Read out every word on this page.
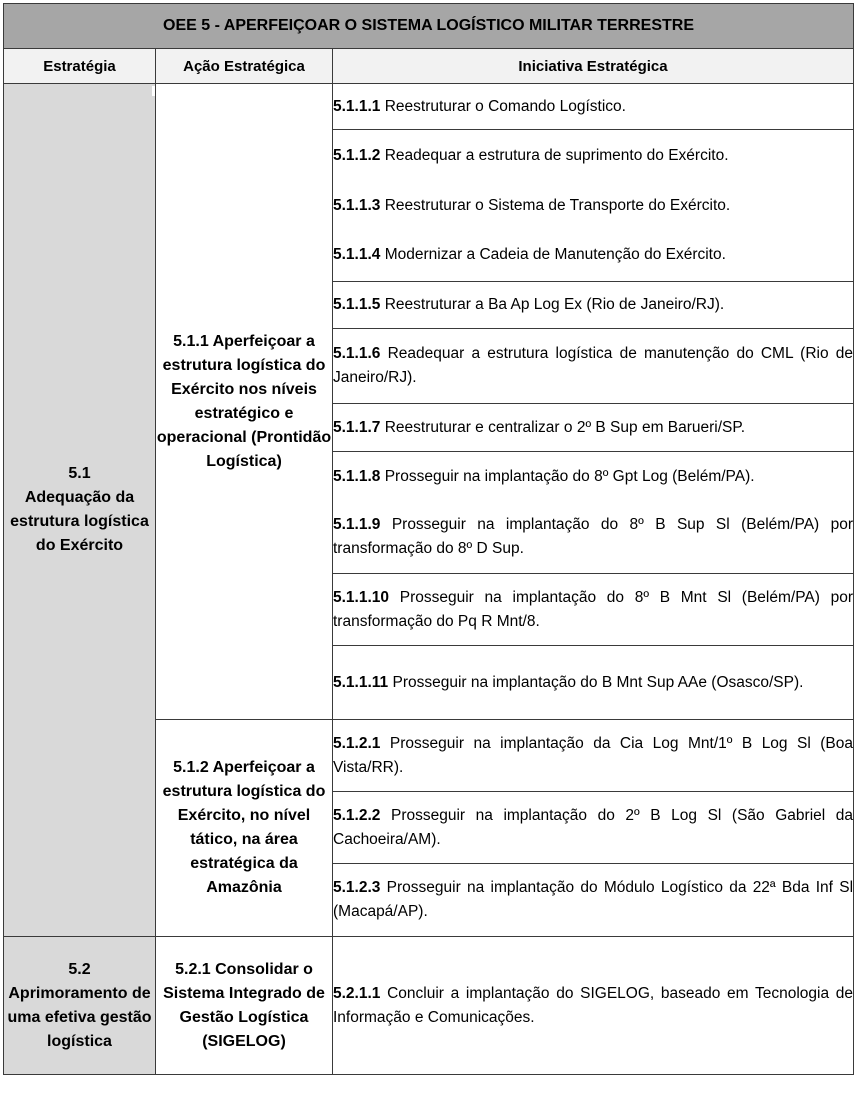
OEE 5 - APERFEIÇOAR O SISTEMA LOGÍSTICO MILITAR TERRESTRE		
Estratégia	Ação Estratégica	Iniciativa Estratégica

5.1
Adequação da estrutura logística do Exército	5.1.1 Aperfeiçoar a estrutura logística do Exército nos níveis estratégico e operacional (Prontidão Logística)	5.1.1.1 Reestruturar o Comando Logístico.
		5.1.1.2 Readequar a estrutura de suprimento do Exército.
		5.1.1.3 Reestruturar o Sistema de Transporte do Exército.
		5.1.1.4 Modernizar a Cadeia de Manutenção do Exército.
		5.1.1.5 Reestruturar a Ba Ap Log Ex (Rio de Janeiro/RJ).
		5.1.1.6 Readequar a estrutura logística de manutenção do CML (Rio de Janeiro/RJ).
		5.1.1.7 Reestruturar e centralizar o 2º B Sup em Barueri/SP.
		5.1.1.8 Prosseguir na implantação do 8º Gpt Log (Belém/PA).
		5.1.1.9 Prosseguir na implantação do 8º B Sup Sl (Belém/PA) por transformação do 8º D Sup.
		5.1.1.10 Prosseguir na implantação do 8º B Mnt Sl (Belém/PA) por transformação do Pq R Mnt/8.
		5.1.1.11 Prosseguir na implantação do B Mnt Sup AAe (Osasco/SP).

	5.1.2 Aperfeiçoar a estrutura logística do Exército, no nível tático, na área estratégica da Amazônia	5.1.2.1 Prosseguir na implantação da Cia Log Mnt/1º B Log Sl (Boa Vista/RR).
		5.1.2.2 Prosseguir na implantação do 2º B Log Sl (São Gabriel da Cachoeira/AM).
		5.1.2.3 Prosseguir na implantação do Módulo Logístico da 22ª Bda Inf Sl (Macapá/AP).

5.2
Aprimoramento de uma efetiva gestão logística	5.2.1 Consolidar o Sistema Integrado de Gestão Logística (SIGELOG)	5.2.1.1 Concluir a implantação do SIGELOG, baseado em Tecnologia de Informação e Comunicações.
